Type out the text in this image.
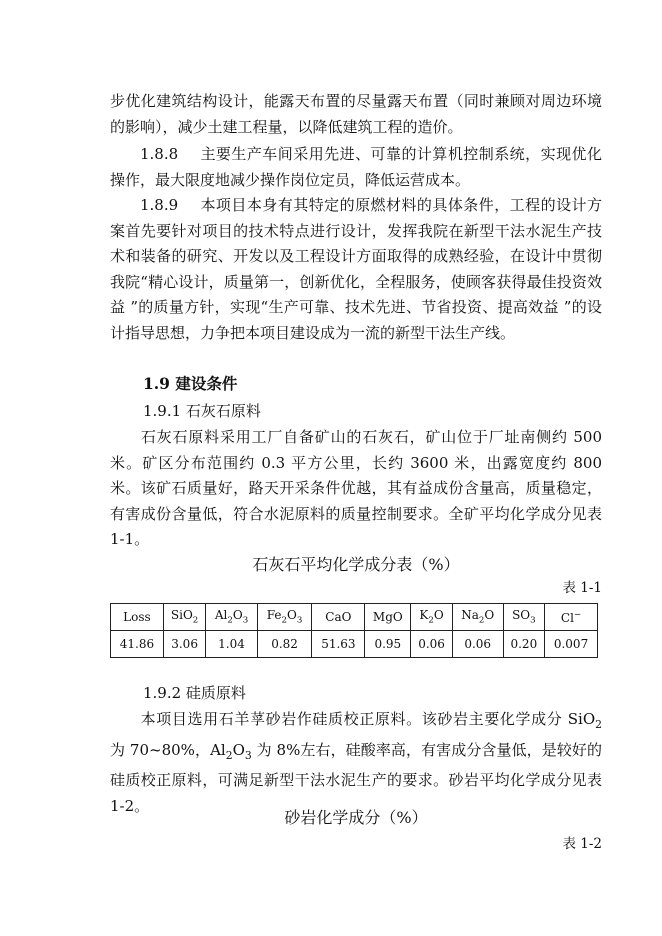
步优化建筑结构设计，能露天布置的尽量露天布置（同时兼顾对周边环境的影响），减少土建工程量，以降低建筑工程的造价。

1.8.8 主要生产车间采用先进、可靠的计算机控制系统，实现优化操作，最大限度地减少操作岗位定员，降低运营成本。

1.8.9 本项目本身有其特定的原燃材料的具体条件，工程的设计方案首先要针对项目的技术特点进行设计，发挥我院在新型干法水泥生产技术和装备的研究、开发以及工程设计方面取得的成熟经验，在设计中贯彻我院“精心设计，质量第一，创新优化，全程服务，使顾客获得最佳投资效益 ”的质量方针，实现“生产可靠、技术先进、节省投资、提高效益 ”的设计指导思想，力争把本项目建设成为一流的新型干法生产线。

1.9 建设条件

1.9.1 石灰石原料

石灰石原料采用工厂自备矿山的石灰石，矿山位于厂址南侧约 500 米。矿区分布范围约 0.3 平方公里，长约 3600 米，出露宽度约 800 米。该矿石质量好，路天开采条件优越，其有益成份含量高，质量稳定，有害成份含量低，符合水泥原料的质量控制要求。全矿平均化学成分见表 1-1。

石灰石平均化学成分表（%）

表 1-1

Loss	SiO$_2$	$Al_2O_3$	$Fe_2O_3$	CaO	MgO	$K_2O$	$Na_2O$	$SO_3$	Cl−
41.86	3.06	1.04	0.82	51.63	0.95	0.06	0.06	0.20	0.007

1.9.2 硅质原料

本项目选用石羊莩砂岩作硅质校正原料。该砂岩主要化学成分 SiO$_2$ 为 70~80%，$Al_2O_3$ 为 8%左右，硅酸率高，有害成分含量低，是较好的硅质校正原料，可满足新型干法水泥生产的要求。砂岩平均化学成分见表 1-2。

砂岩化学成分（%）

表 1-2
